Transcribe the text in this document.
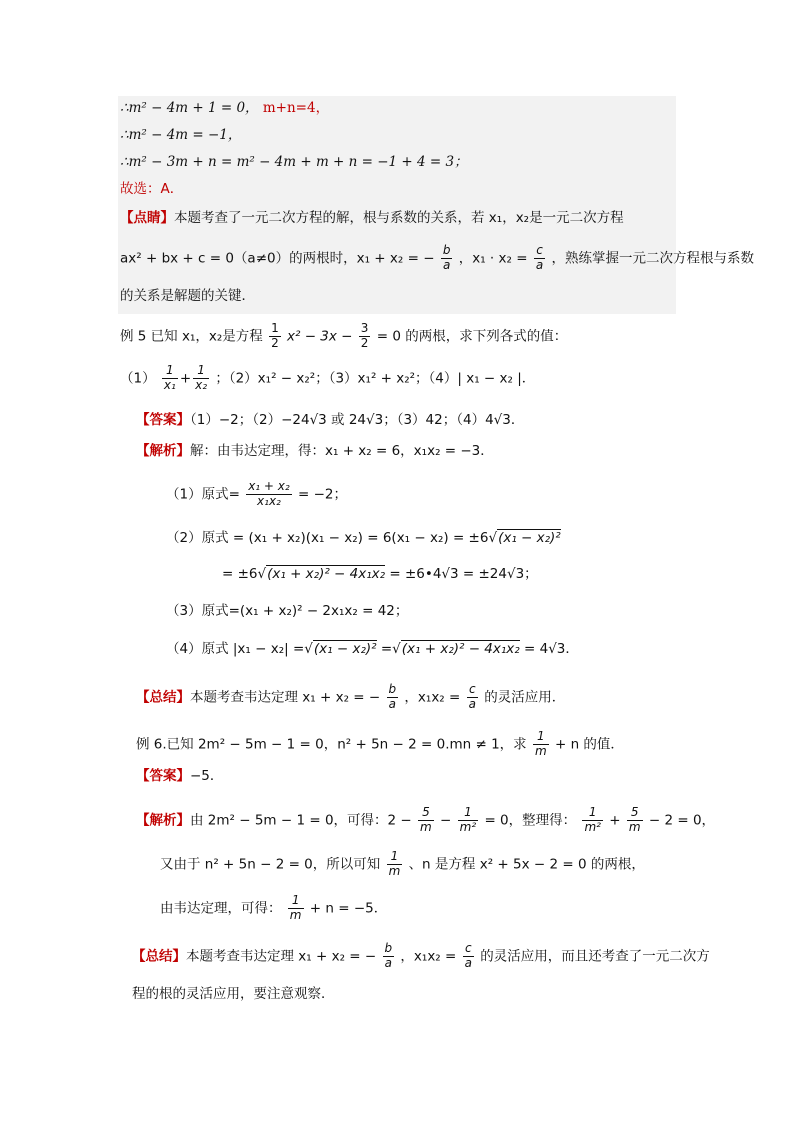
∴m² − 4m + 1 = 0， m+n=4，
∴m² − 4m = −1，
∴m² − 3m + n = m² − 4m + m + n = −1 + 4 = 3；
故选：A．
【点睛】本题考查了一元二次方程的解，根与系数的关系，若 x₁，x₂是一元二次方程
ax² + bx + c = 0（a≠0）的两根时，x₁ + x₂ = − $\frac{b}{a}$ ，$x_1 \cdot x_2 = \frac{c}{a}$ ，熟练掌握一元二次方程根与系数
的关系是解题的关键．
例 5 已知 x₁，x₂是方程 $\frac{1}{2} x^2 - 3x - \frac{3}{2} = 0$ 的两根，求下列各式的值：
$(1) \frac{1}{\text{x₁}} + \frac{1}{\text{x₂}}$ ；（2）x₁² − x₂²；（3）x₁² + x₂²；（4）| x₁ − x₂ |．
【答案】（1）−2；（2）−24√3 或 24√3；（3）42；（4）4√3．
【解析】解：由韦达定理，得：x₁ + x₂ = 6，x₁x₂ = −3．
（1）原式= $\frac{\text{x₁ + x₂}}{\text{x₁x₂}} = -2$；
（2）原式 = (x₁ + x₂)(x₁ − x₂) = 6(x₁ − x₂) = ±6√(x₁ − x₂)²
= ±6√(x₁ + x₂)² − 4x₁x₂ = ±6•4√3 = ±24√3；
（3）原式=(x₁ + x₂)² − 2x₁x₂ = 42；
（4）原式 |x₁ − x₂| =√(x₁ − x₂)² =√(x₁ + x₂)² − 4x₁x₂ = 4√3．
【总结】本题考查韦达定理 x₁ + x₂ = − $\frac{b}{a}$ ，$x_1x_2 = \frac{c}{a}$ 的灵活应用．
例 6.已知 2m² − 5m − 1 = 0，n² + 5n − 2 = 0.mn ≠ 1，求 $\frac{1}{m} + n$ 的值．
【答案】−5．
【解析】由 2m² − 5m − 1 = 0，可得：$2 - \frac{5}{m} - \frac{1}{\text{m²}} = 0$，整理得： $\frac{1}{\text{m²}} + \frac{5}{m} - 2 = 0$，
又由于 n² + 5n − 2 = 0，所以可知 $\frac{1}{m}$ 、n 是方程 x² + 5x − 2 = 0 的两根，
由韦达定理，可得： $\frac{1}{m} + n = -5$．
【总结】本题考查韦达定理 x₁ + x₂ = − $\frac{b}{a}$ ，$x_1x_2 = \frac{c}{a}$ 的灵活应用，而且还考查了一元二次方
程的根的灵活应用，要注意观察．
